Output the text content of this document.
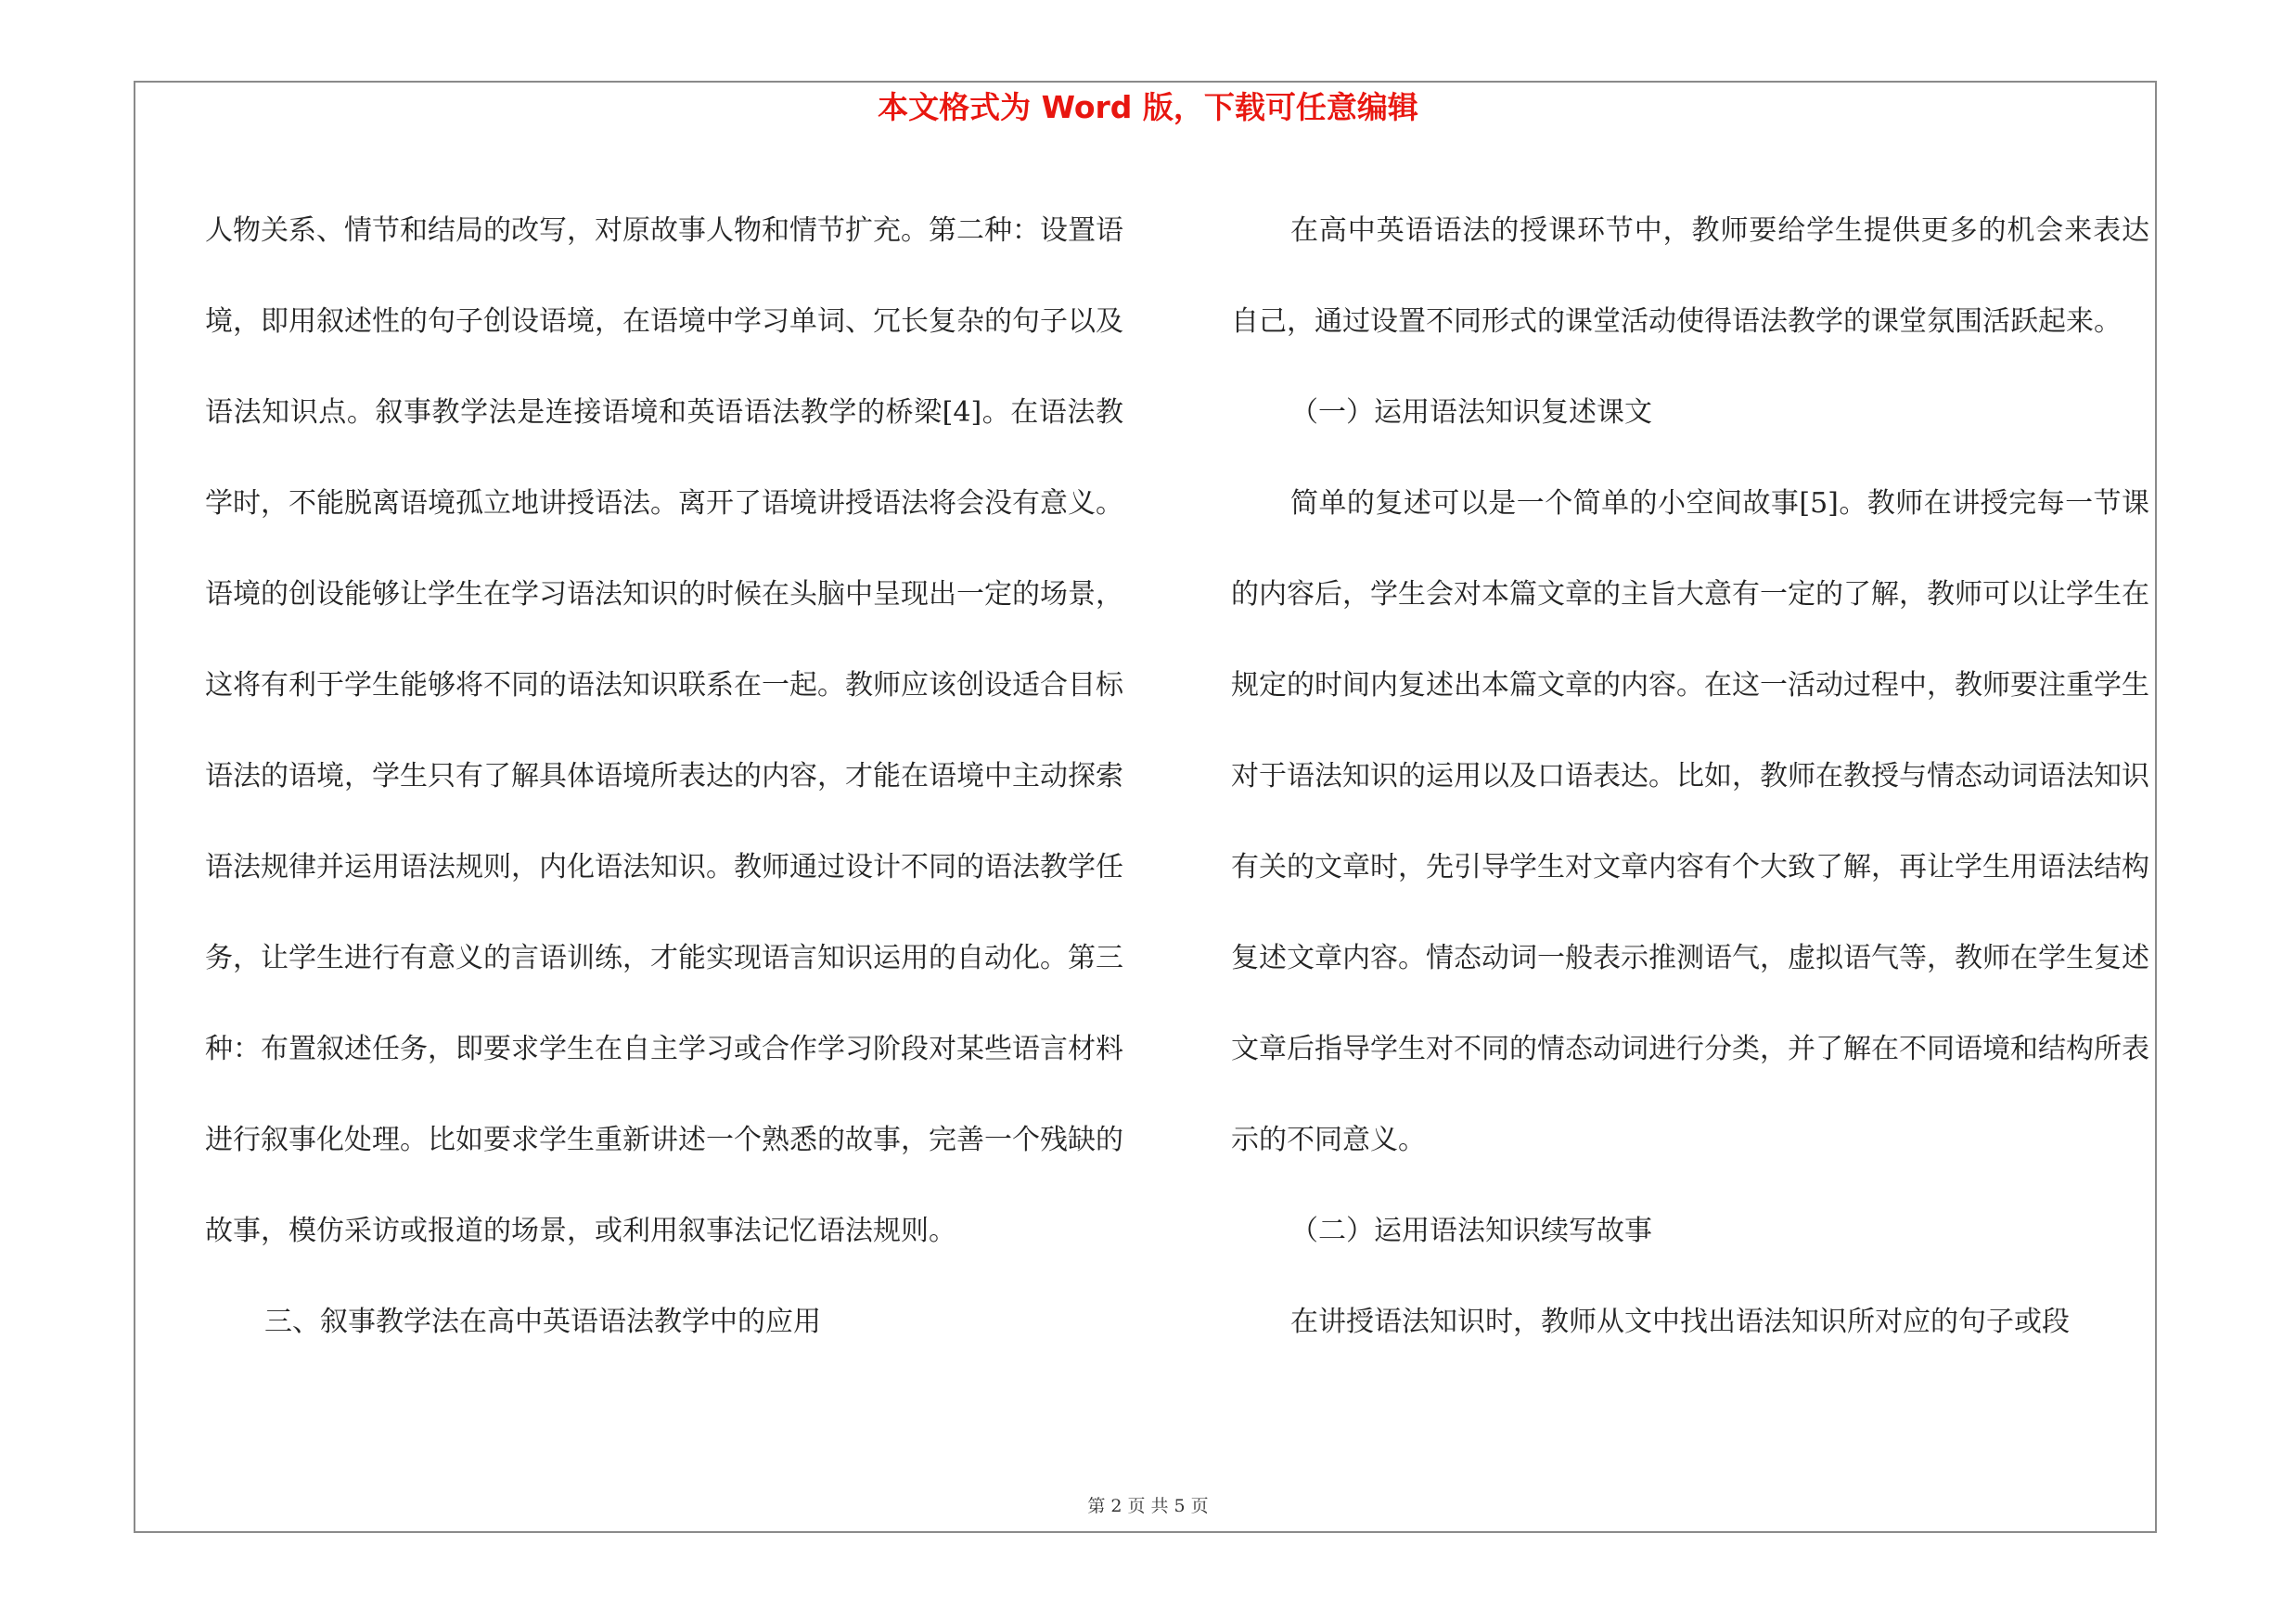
本文格式为 Word 版，下载可任意编辑

人物关系、情节和结局的改写，对原故事人物和情节扩充。第二种：设置语境，即用叙述性的句子创设语境，在语境中学习单词、冗长复杂的句子以及语法知识点。叙事教学法是连接语境和英语语法教学的桥梁[4]。在语法教学时，不能脱离语境孤立地讲授语法。离开了语境讲授语法将会没有意义。语境的创设能够让学生在学习语法知识的时候在头脑中呈现出一定的场景，这将有利于学生能够将不同的语法知识联系在一起。教师应该创设适合目标语法的语境，学生只有了解具体语境所表达的内容，才能在语境中主动探索语法规律并运用语法规则，内化语法知识。教师通过设计不同的语法教学任务，让学生进行有意义的言语训练，才能实现语言知识运用的自动化。第三种：布置叙述任务，即要求学生在自主学习或合作学习阶段对某些语言材料进行叙事化处理。比如要求学生重新讲述一个熟悉的故事，完善一个残缺的故事，模仿采访或报道的场景，或利用叙事法记忆语法规则。

三、叙事教学法在高中英语语法教学中的应用

在高中英语语法的授课环节中，教师要给学生提供更多的机会来表达自己，通过设置不同形式的课堂活动使得语法教学的课堂氛围活跃起来。

（一）运用语法知识复述课文

简单的复述可以是一个简单的小空间故事[5]。教师在讲授完每一节课的内容后，学生会对本篇文章的主旨大意有一定的了解，教师可以让学生在规定的时间内复述出本篇文章的内容。在这一活动过程中，教师要注重学生对于语法知识的运用以及口语表达。比如，教师在教授与情态动词语法知识有关的文章时，先引导学生对文章内容有个大致了解，再让学生用语法结构复述文章内容。情态动词一般表示推测语气，虚拟语气等，教师在学生复述文章后指导学生对不同的情态动词进行分类，并了解在不同语境和结构所表示的不同意义。

（二）运用语法知识续写故事

在讲授语法知识时，教师从文中找出语法知识所对应的句子或段

第 2 页 共 5 页
